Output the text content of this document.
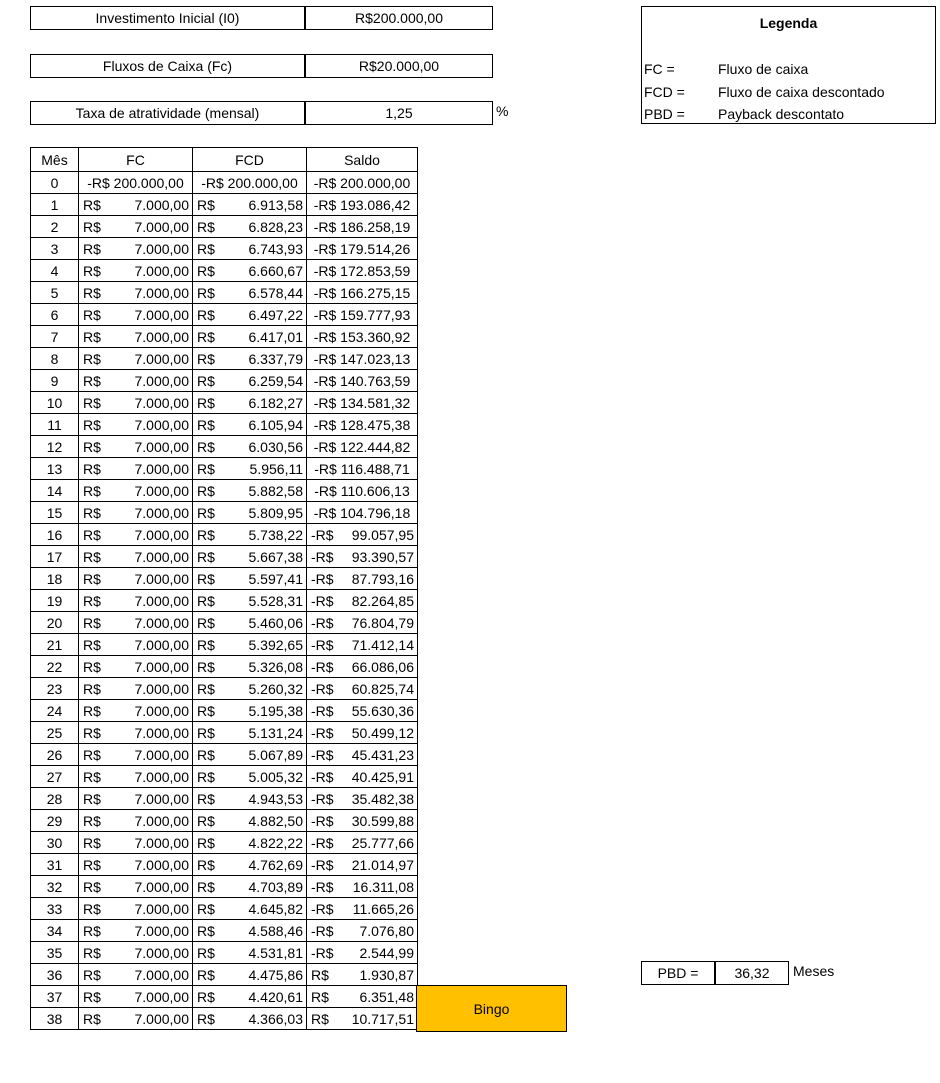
Investimento Inicial (I0)	R$200.000,00
Fluxos de Caixa (Fc)	R$20.000,00
Taxa de atratividade (mensal)	1,25	%
Legenda
FC =	Fluxo de caixa
FCD = Fluxo de caixa descontado
PBD = Payback descontato
Mês	FC	FCD	Saldo
0	-R$ 200.000,00	-R$ 200.000,00	-R$ 200.000,00

1	R$ 7.000,00	R$ 6.913,58	-R$ 193.086,42

2	R$ 7.000,00	R$ 6.828,23	-R$ 186.258,19

3	R$ 7.000,00	R$ 6.743,93	-R$ 179.514,26

4	R$ 7.000,00	R$ 6.660,67	-R$ 172.853,59

5	R$ 7.000,00	R$ 6.578,44	-R$ 166.275,15

6	R$ 7.000,00	R$ 6.497,22	-R$ 159.777,93

7	R$ 7.000,00	R$ 6.417,01	-R$ 153.360,92

8	R$ 7.000,00	R$ 6.337,79	-R$ 147.023,13

9	R$ 7.000,00	R$ 6.259,54	-R$ 140.763,59

10	R$ 7.000,00	R$ 6.182,27	-R$ 134.581,32

11	R$ 7.000,00	R$ 6.105,94	-R$ 128.475,38

12	R$ 7.000,00	R$ 6.030,56	-R$ 122.444,82

13	R$ 7.000,00	R$ 5.956,11	-R$ 116.488,71

14	R$ 7.000,00	R$ 5.882,58	-R$ 110.606,13

15	R$ 7.000,00	R$ 5.809,95	-R$ 104.796,18

16	R$ 7.000,00	R$ 5.738,22	-R$ 99.057,95

17	R$ 7.000,00	R$ 5.667,38	-R$ 93.390,57

18	R$ 7.000,00	R$ 5.597,41	-R$ 87.793,16

19	R$ 7.000,00	R$ 5.528,31	-R$ 82.264,85

20	R$ 7.000,00	R$ 5.460,06	-R$ 76.804,79

21	R$ 7.000,00	R$ 5.392,65	-R$ 71.412,14

22	R$ 7.000,00	R$ 5.326,08	-R$ 66.086,06

23	R$ 7.000,00	R$ 5.260,32	-R$ 60.825,74

24	R$ 7.000,00	R$ 5.195,38	-R$ 55.630,36

25	R$ 7.000,00	R$ 5.131,24	-R$ 50.499,12

26	R$ 7.000,00	R$ 5.067,89	-R$ 45.431,23

27	R$ 7.000,00	R$ 5.005,32	-R$ 40.425,91

28	R$ 7.000,00	R$ 4.943,53	-R$ 35.482,38

29	R$ 7.000,00	R$ 4.882,50	-R$ 30.599,88

30	R$ 7.000,00	R$ 4.822,22	-R$ 25.777,66

31	R$ 7.000,00	R$ 4.762,69	-R$ 21.014,97

32	R$ 7.000,00	R$ 4.703,89	-R$ 16.311,08

33	R$ 7.000,00	R$ 4.645,82	-R$ 11.665,26

34	R$ 7.000,00	R$ 4.588,46	-R$ 7.076,80

35	R$ 7.000,00	R$ 4.531,81	-R$ 2.544,99

36	R$ 7.000,00	R$ 4.475,86	R$ 1.930,87

37	R$ 7.000,00	R$ 4.420,61	R$ 6.351,48

38	R$ 7.000,00	R$ 4.366,03	R$ 10.717,51
Bingo
PBD =	36,32	Meses
